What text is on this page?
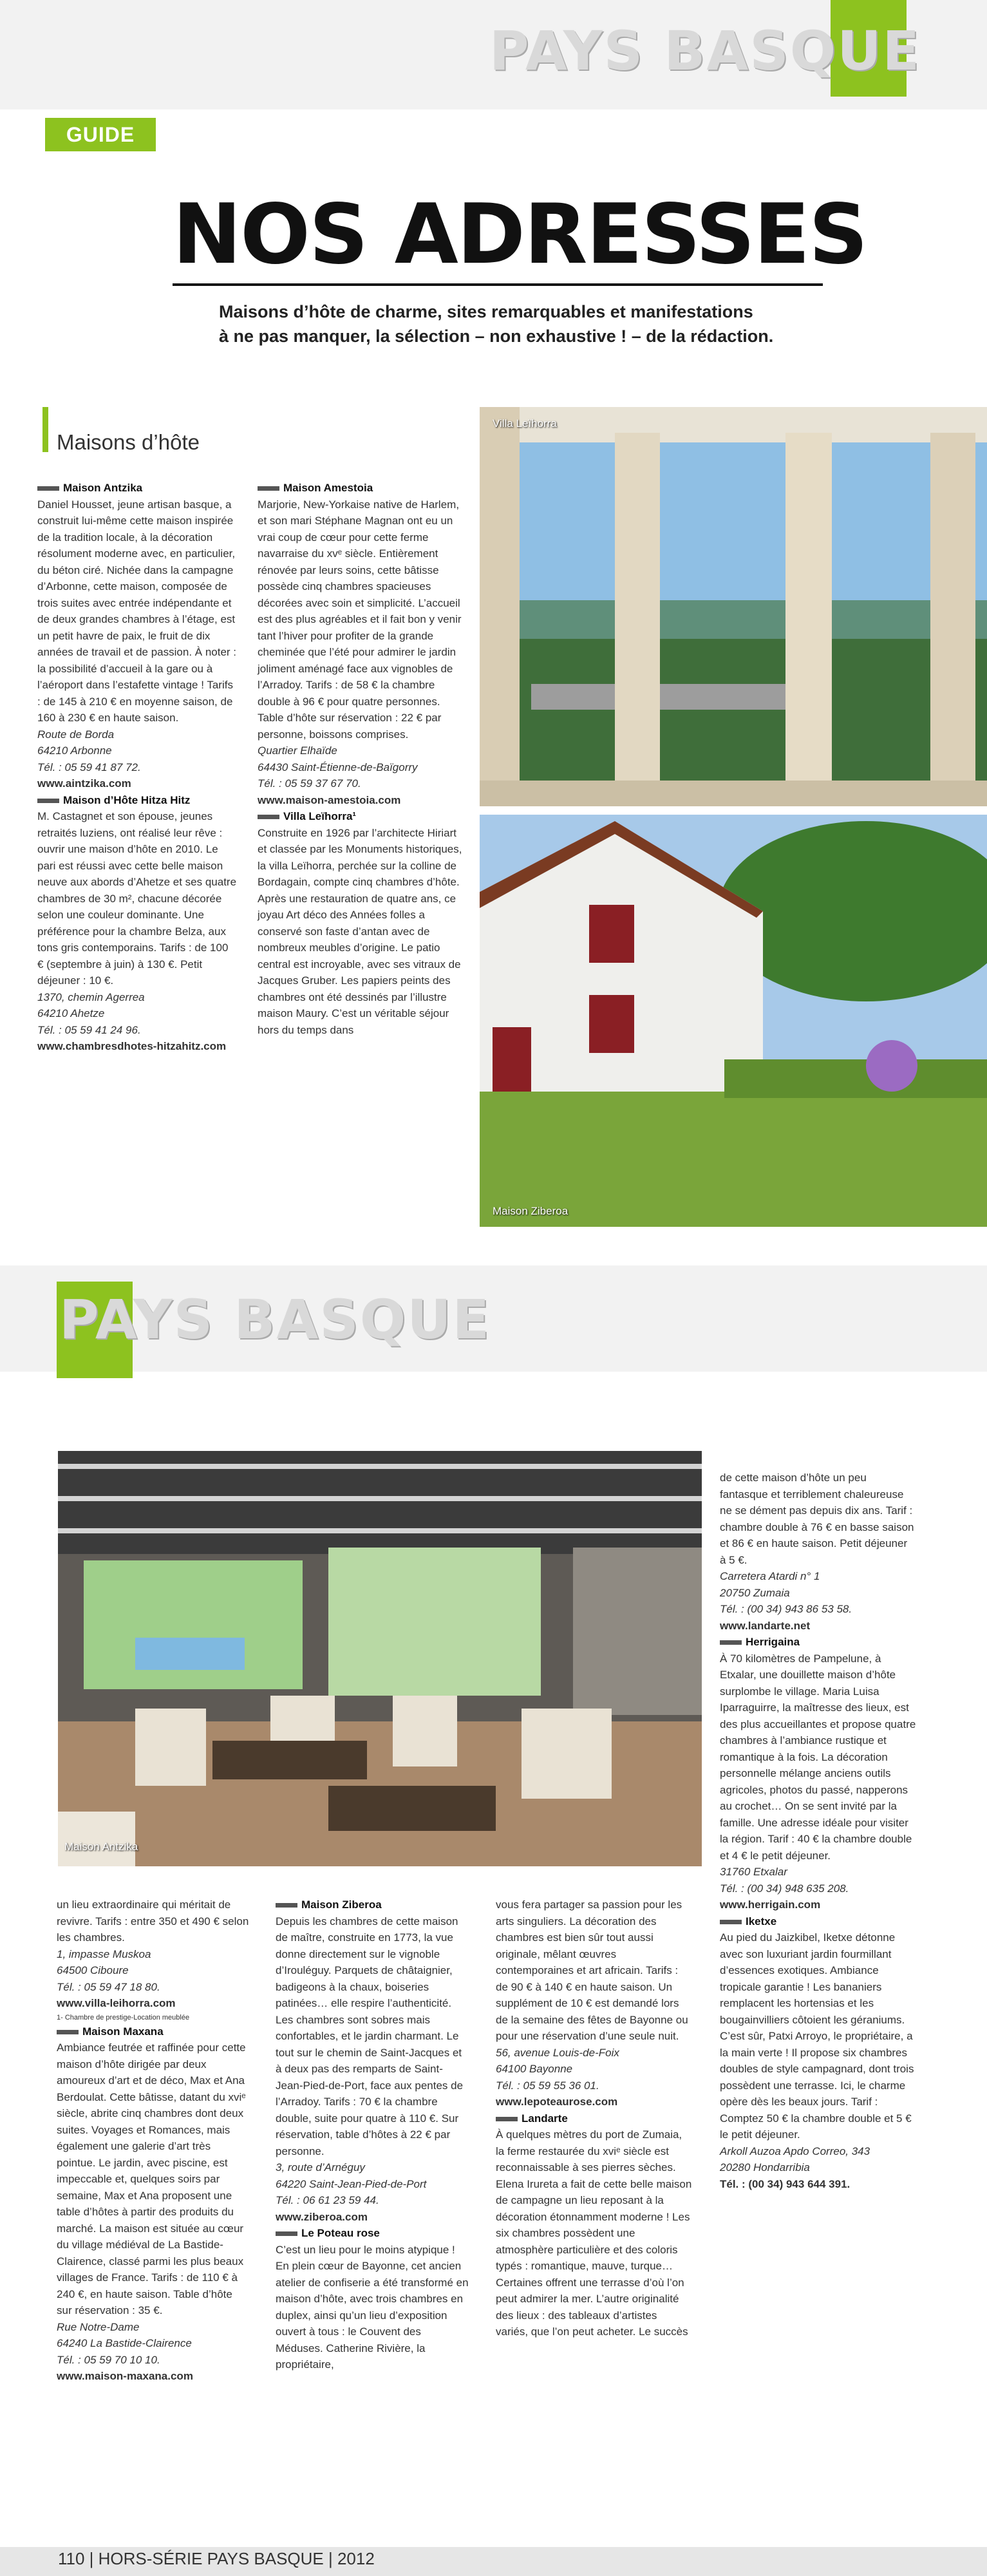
PAYS BASQUE
GUIDE
NOS ADRESSES
Maisons d’hôte de charme, sites remarquables et manifestations
à ne pas manquer, la sélection – non exhaustive ! – de la rédaction.
Maisons d’hôte

Maison Antzika

Daniel Housset, jeune artisan basque, a construit lui-même cette maison inspirée de la tradition locale, à la décoration résolument moderne avec, en particulier, du béton ciré. Nichée dans la campagne d’Arbonne, cette maison, composée de trois suites avec entrée indépendante et de deux grandes chambres à l’étage, est un petit havre de paix, le fruit de dix années de travail et de passion. À noter : la possibilité d’accueil à la gare ou à l’aéroport dans l’estafette vintage ! Tarifs : de 145 à 210 € en moyenne saison, de 160 à 230 € en haute saison.

Route de Borda

64210 Arbonne

Tél. : 05 59 41 87 72.

www.aintzika.com

Maison d’Hôte Hitza Hitz

M. Castagnet et son épouse, jeunes retraités luziens, ont réalisé leur rêve : ouvrir une maison d’hôte en 2010. Le pari est réussi avec cette belle maison neuve aux abords d’Ahetze et ses quatre chambres de 30 m², chacune décorée selon une couleur dominante. Une préférence pour la chambre Belza, aux tons gris contemporains. Tarifs : de 100 € (septembre à juin) à 130 €. Petit déjeuner : 10 €.

1370, chemin Agerrea

64210 Ahetze

Tél. : 05 59 41 24 96.

www.chambresdhotes-hitzahitz.com

Maison Amestoia

Marjorie, New-Yorkaise native de Harlem, et son mari Stéphane Magnan ont eu un vrai coup de cœur pour cette ferme navarraise du xvᵉ siècle. Entièrement rénovée par leurs soins, cette bâtisse possède cinq chambres spacieuses décorées avec soin et simplicité. L’accueil est des plus agréables et il fait bon y venir tant l’hiver pour profiter de la grande cheminée que l’été pour admirer le jardin joliment aménagé face aux vignobles de l’Arradoy. Tarifs : de 58 € la chambre double à 96 € pour quatre personnes. Table d’hôte sur réservation : 22 € par personne, boissons comprises.

Quartier Elhaïde

64430 Saint-Étienne-de-Baïgorry

Tél. : 05 59 37 67 70.

www.maison-amestoia.com

Villa Leïhorra¹

Construite en 1926 par l’architecte Hiriart et classée par les Monuments historiques, la villa Leïhorra, perchée sur la colline de Bordagain, compte cinq chambres d’hôte. Après une restauration de quatre ans, ce joyau Art déco des Années folles a conservé son faste d’antan avec de nombreux meubles d’origine. Le patio central est incroyable, avec ses vitraux de Jacques Gruber. Les papiers peints des chambres ont été dessinés par l’illustre maison Maury. C’est un véritable séjour hors du temps dans

Villa Leïhorra
Maison Ziberoa
PAYS BASQUE
Maison Antzika

un lieu extraordinaire qui méritait de revivre. Tarifs : entre 350 et 490 € selon les chambres.

1, impasse Muskoa

64500 Ciboure

Tél. : 05 59 47 18 80.

www.villa-leihorra.com

1- Chambre de prestige-Location meublée

Maison Maxana

Ambiance feutrée et raffinée pour cette maison d’hôte dirigée par deux amoureux d’art et de déco, Max et Ana Berdoulat. Cette bâtisse, datant du xviᵉ siècle, abrite cinq chambres dont deux suites. Voyages et Romances, mais également une galerie d’art très pointue. Le jardin, avec piscine, est impeccable et, quelques soirs par semaine, Max et Ana proposent une table d’hôtes à partir des produits du marché. La maison est située au cœur du village médiéval de La Bastide-Clairence, classé parmi les plus beaux villages de France. Tarifs : de 110 € à 240 €, en haute saison. Table d’hôte sur réservation : 35 €.

Rue Notre-Dame

64240 La Bastide-Clairence

Tél. : 05 59 70 10 10.

www.maison-maxana.com

Maison Ziberoa

Depuis les chambres de cette maison de maître, construite en 1773, la vue donne directement sur le vignoble d’Irouléguy. Parquets de châtaignier, badigeons à la chaux, boiseries patinées… elle respire l’authenticité. Les chambres sont sobres mais confortables, et le jardin charmant. Le tout sur le chemin de Saint-Jacques et à deux pas des remparts de Saint-Jean-Pied-de-Port, face aux pentes de l’Arradoy. Tarifs : 70 € la chambre double, suite pour quatre à 110 €. Sur réservation, table d’hôtes à 22 € par personne.

3, route d’Arnéguy

64220 Saint-Jean-Pied-de-Port

Tél. : 06 61 23 59 44.

www.ziberoa.com

Le Poteau rose

C’est un lieu pour le moins atypique ! En plein cœur de Bayonne, cet ancien atelier de confiserie a été transformé en maison d’hôte, avec trois chambres en duplex, ainsi qu’un lieu d’exposition ouvert à tous : le Couvent des Méduses. Catherine Rivière, la propriétaire,

vous fera partager sa passion pour les arts singuliers. La décoration des chambres est bien sûr tout aussi originale, mêlant œuvres contemporaines et art africain. Tarifs : de 90 € à 140 € en haute saison. Un supplément de 10 € est demandé lors de la semaine des fêtes de Bayonne ou pour une réservation d’une seule nuit.

56, avenue Louis-de-Foix

64100 Bayonne

Tél. : 05 59 55 36 01.

www.lepoteaurose.com

Landarte

À quelques mètres du port de Zumaia, la ferme restaurée du xviᵉ siècle est reconnaissable à ses pierres sèches. Elena Irureta a fait de cette belle maison de campagne un lieu reposant à la décoration étonnamment moderne ! Les six chambres possèdent une atmosphère particulière et des coloris typés : romantique, mauve, turque… Certaines offrent une terrasse d’où l’on peut admirer la mer. L’autre originalité des lieux : des tableaux d’artistes variés, que l’on peut acheter. Le succès

de cette maison d’hôte un peu fantasque et terriblement chaleureuse ne se dément pas depuis dix ans. Tarif : chambre double à 76 € en basse saison et 86 € en haute saison. Petit déjeuner à 5 €.

Carretera Atardi n° 1

20750 Zumaia

Tél. : (00 34) 943 86 53 58.

www.landarte.net

Herrigaina

À 70 kilomètres de Pampelune, à Etxalar, une douillette maison d’hôte surplombe le village. Maria Luisa Iparraguirre, la maîtresse des lieux, est des plus accueillantes et propose quatre chambres à l’ambiance rustique et romantique à la fois. La décoration personnelle mélange anciens outils agricoles, photos du passé, napperons au crochet… On se sent invité par la famille. Une adresse idéale pour visiter la région. Tarif : 40 € la chambre double et 4 € le petit déjeuner.

31760 Etxalar

Tél. : (00 34) 948 635 208.

www.herrigain.com

Iketxe

Au pied du Jaizkibel, Iketxe détonne avec son luxuriant jardin fourmillant d’essences exotiques. Ambiance tropicale garantie ! Les bananiers remplacent les hortensias et les bougainvilliers côtoient les géraniums. C’est sûr, Patxi Arroyo, le propriétaire, a la main verte ! Il propose six chambres doubles de style campagnard, dont trois possèdent une terrasse. Ici, le charme opère dès les beaux jours. Tarif : Comptez 50 € la chambre double et 5 € le petit déjeuner.

Arkoll Auzoa Apdo Correo, 343

20280 Hondarribia

Tél. : (00 34) 943 644 391.

110 | HORS-SÉRIE PAYS BASQUE | 2012
